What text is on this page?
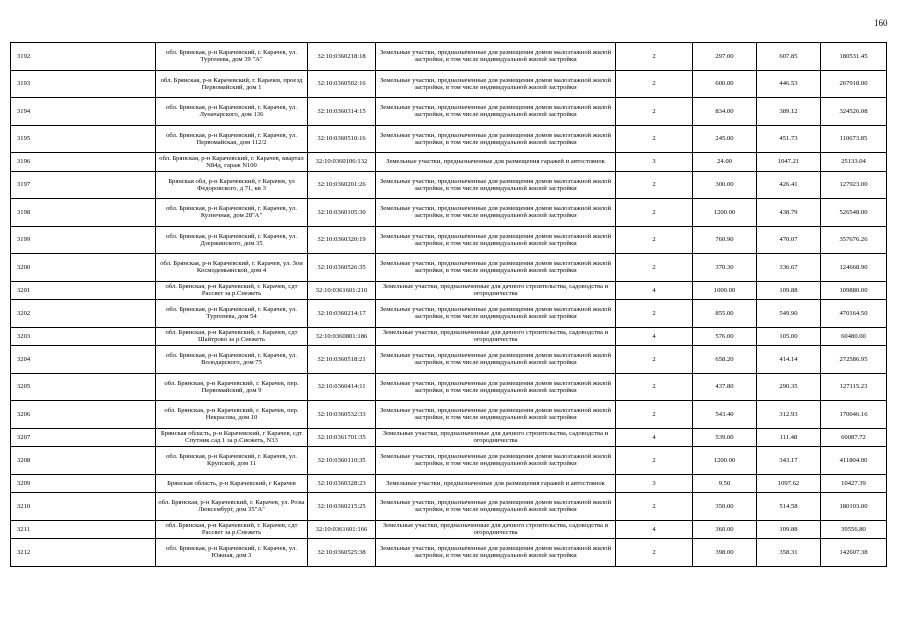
160
3192	обл. Брянская, р-н Карачевский, г. Карачев, ул. Тургенева, дом 39 "А"	32:10:0360218:18	Земельные участки, предназначенные для размещения домов малоэтажной жилой застройки, в том числе индивидуальной жилой застройки	2	297.00	607.85	180531.45
3193	обл. Брянская, р-н Карачевский, г. Карачев, проезд Первомайский, дом 1	32:10:0360502:16	Земельные участки, предназначенные для размещения домов малоэтажной жилой застройки, в том числе индивидуальной жилой застройки	2	600.00	446.53	267918.00
3194	обл. Брянская, р-н Карачевский, г. Карачев, ул. Луначарского, дом 136	32:10:0360314:15	Земельные участки, предназначенные для размещения домов малоэтажной жилой застройки, в том числе индивидуальной жилой застройки	2	834.00	389.12	324526.08
3195	обл. Брянская, р-н Карачевский, г. Карачев, ул. Первомайская, дом 112/2	32:10:0360510:16	Земельные участки, предназначенные для размещения домов малоэтажной жилой застройки, в том числе индивидуальной жилой застройки	2	245.00	451.73	110673.85
3196	обл. Брянская, р-н Карачевский, г. Карачев, квартал N84д, гараж N100	32:10:0360106:132	Земельные участки, предназначенные для размещения гаражей и автостоянок	3	24.00	1047.21	25133.04
3197	Брянская обл, р-н Карачевский, г Карачев, ул Федоровского, д 71, кв 3	32:10:0360201:26	Земельные участки, предназначенные для размещения домов малоэтажной жилой застройки, в том числе индивидуальной жилой застройки	2	300.00	426.41	127923.00
3198	обл. Брянская, р-н Карачевский, г. Карачев, ул. Кузнечная, дом 28"А"	32:10:0360105:30	Земельные участки, предназначенные для размещения домов малоэтажной жилой застройки, в том числе индивидуальной жилой застройки	2	1200.00	438.79	526548.00
3199	обл. Брянская, р-н Карачевский, г. Карачев, ул. Дзержинского, дом 35	32:10:0360320:19	Земельные участки, предназначенные для размещения домов малоэтажной жилой застройки, в том числе индивидуальной жилой застройки	2	760.90	470.07	357676.26
3200	обл. Брянская, р-н Карачевский, г. Карачев, ул. Зои Космодемьянской, дом 4	32:10:0360526:35	Земельные участки, предназначенные для размещения домов малоэтажной жилой застройки, в том числе индивидуальной жилой застройки	2	370.30	336.67	124668.90
3201	обл. Брянская, р-н Карачевский, г. Карачев, сдт Рассвет за р.Снежеть	32:10:0361601:210	Земельные участки, предназначенные для дачного строительства, садоводства и огородничества	4	1000.00	109.88	109880.00
3202	обл. Брянская, р-н Карачевский, г. Карачев, ул. Тургенева, дом 54	32:10:0360214:17	Земельные участки, предназначенные для размещения домов малоэтажной жилой застройки, в том числе индивидуальной жилой застройки	2	855.00	549.90	470164.50
3203	обл. Брянская, р-н Карачевский, г. Карачев, сдт Шайтрово за р.Снежеть	32:10:0360801:186	Земельные участки, предназначенные для дачного строительства, садоводства и огородничества	4	576.00	105.00	60480.00
3204	обл. Брянская, р-н Карачевский, г. Карачев, ул. Володарского, дом 75	32:10:0360518:21	Земельные участки, предназначенные для размещения домов малоэтажной жилой застройки, в том числе индивидуальной жилой застройки	2	658.20	414.14	272586.95
3205	обл. Брянская, р-н Карачевский, г. Карачев, пер. Первомайский, дом 9	32:10:0360414:11	Земельные участки, предназначенные для размещения домов малоэтажной жилой застройки, в том числе индивидуальной жилой застройки	2	437.80	290.35	127115.23
3206	обл. Брянская, р-н Карачевский, г. Карачев, пер. Некрасова, дом 10	32:10:0360532:33	Земельные участки, предназначенные для размещения домов малоэтажной жилой застройки, в том числе индивидуальной жилой застройки	2	543.40	312.93	170046.16
3207	Брянская область, р-н Карачевский, г Карачев, сдт Спутник сад 1 за р.Снежеть, N33	32:10:0361701:35	Земельные участки, предназначенные для дачного строительства, садоводства и огородничества	4	539.00	111.48	60087.72
3208	обл. Брянская, р-н Карачевский, г. Карачев, ул. Крупской, дом 11	32:10:0360110:35	Земельные участки, предназначенные для размещения домов малоэтажной жилой застройки, в том числе индивидуальной жилой застройки	2	1200.00	343.17	411804.00
3209	Брянская область, р-н Карачевский, г Карачев	32:10:0360328:23	Земельные участки, предназначенные для размещения гаражей и автостоянок	3	9.50	1097.62	10427.39
3210	обл. Брянская, р-н Карачевский, г. Карачев, ул. Розы Люксембург, дом 35"А"	32:10:0360215:25	Земельные участки, предназначенные для размещения домов малоэтажной жилой застройки, в том числе индивидуальной жилой застройки	2	350.00	514.58	180103.00
3211	обл. Брянская, р-н Карачевский, г. Карачев, сдт Рассвет за р.Снежеть	32:10:0361601:166	Земельные участки, предназначенные для дачного строительства, садоводства и огородничества	4	360.00	109.88	39556.80
3212	обл. Брянская, р-н Карачевский, г. Карачев, ул. Южная, дом 3	32:10:0360525:38	Земельные участки, предназначенные для размещения домов малоэтажной жилой застройки, в том числе индивидуальной жилой застройки	2	398.00	358.31	142607.38
